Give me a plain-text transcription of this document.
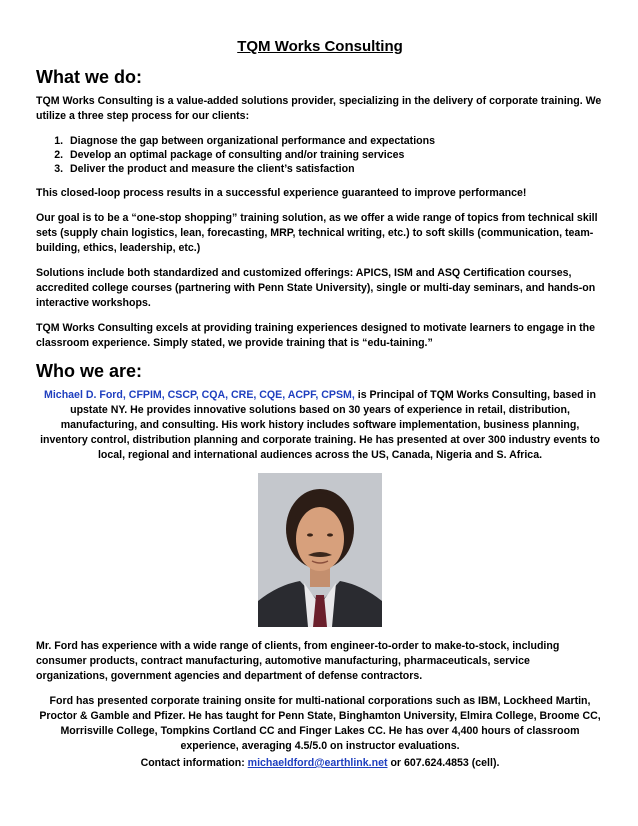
TQM Works Consulting
What we do:

TQM Works Consulting is a value-added solutions provider, specializing in the delivery of corporate training. We utilize a three step process for our clients:

1. Diagnose the gap between organizational performance and expectations
2. Develop an optimal package of consulting and/or training services
3. Deliver the product and measure the client’s satisfaction

This closed-loop process results in a successful experience guaranteed to improve performance!

Our goal is to be a “one-stop shopping” training solution, as we offer a wide range of topics from technical skill sets (supply chain logistics, lean, forecasting, MRP, technical writing, etc.) to soft skills (communication, team-building, ethics, leadership, etc.)

Solutions include both standardized and customized offerings: APICS, ISM and ASQ Certification courses, accredited college courses (partnering with Penn State University), single or multi-day seminars, and hands-on interactive workshops.

TQM Works Consulting excels at providing training experiences designed to motivate learners to engage in the classroom experience. Simply stated, we provide training that is “edu-taining.”

Who we are:

Michael D. Ford, CFPIM, CSCP, CQA, CRE, CQE, ACPF, CPSM, is Principal of TQM Works Consulting, based in upstate NY. He provides innovative solutions based on 30 years of experience in retail, distribution, manufacturing, and consulting. His work history includes software implementation, business planning, inventory control, distribution planning and corporate training. He has presented at over 300 industry events to local, regional and international audiences across the US, Canada, Nigeria and S. Africa.

Mr. Ford has experience with a wide range of clients, from engineer-to-order to make-to-stock, including consumer products, contract manufacturing, automotive manufacturing, pharmaceuticals, service organizations, government agencies and department of defense contractors.

Ford has presented corporate training onsite for multi-national corporations such as IBM, Lockheed Martin, Proctor & Gamble and Pfizer. He has taught for Penn State, Binghamton University, Elmira College, Broome CC, Morrisville College, Tompkins Cortland CC and Finger Lakes CC. He has over 4,400 hours of classroom experience, averaging 4.5/5.0 on instructor evaluations.

Contact information: michaeldford@earthlink.net or 607.624.4853 (cell).
